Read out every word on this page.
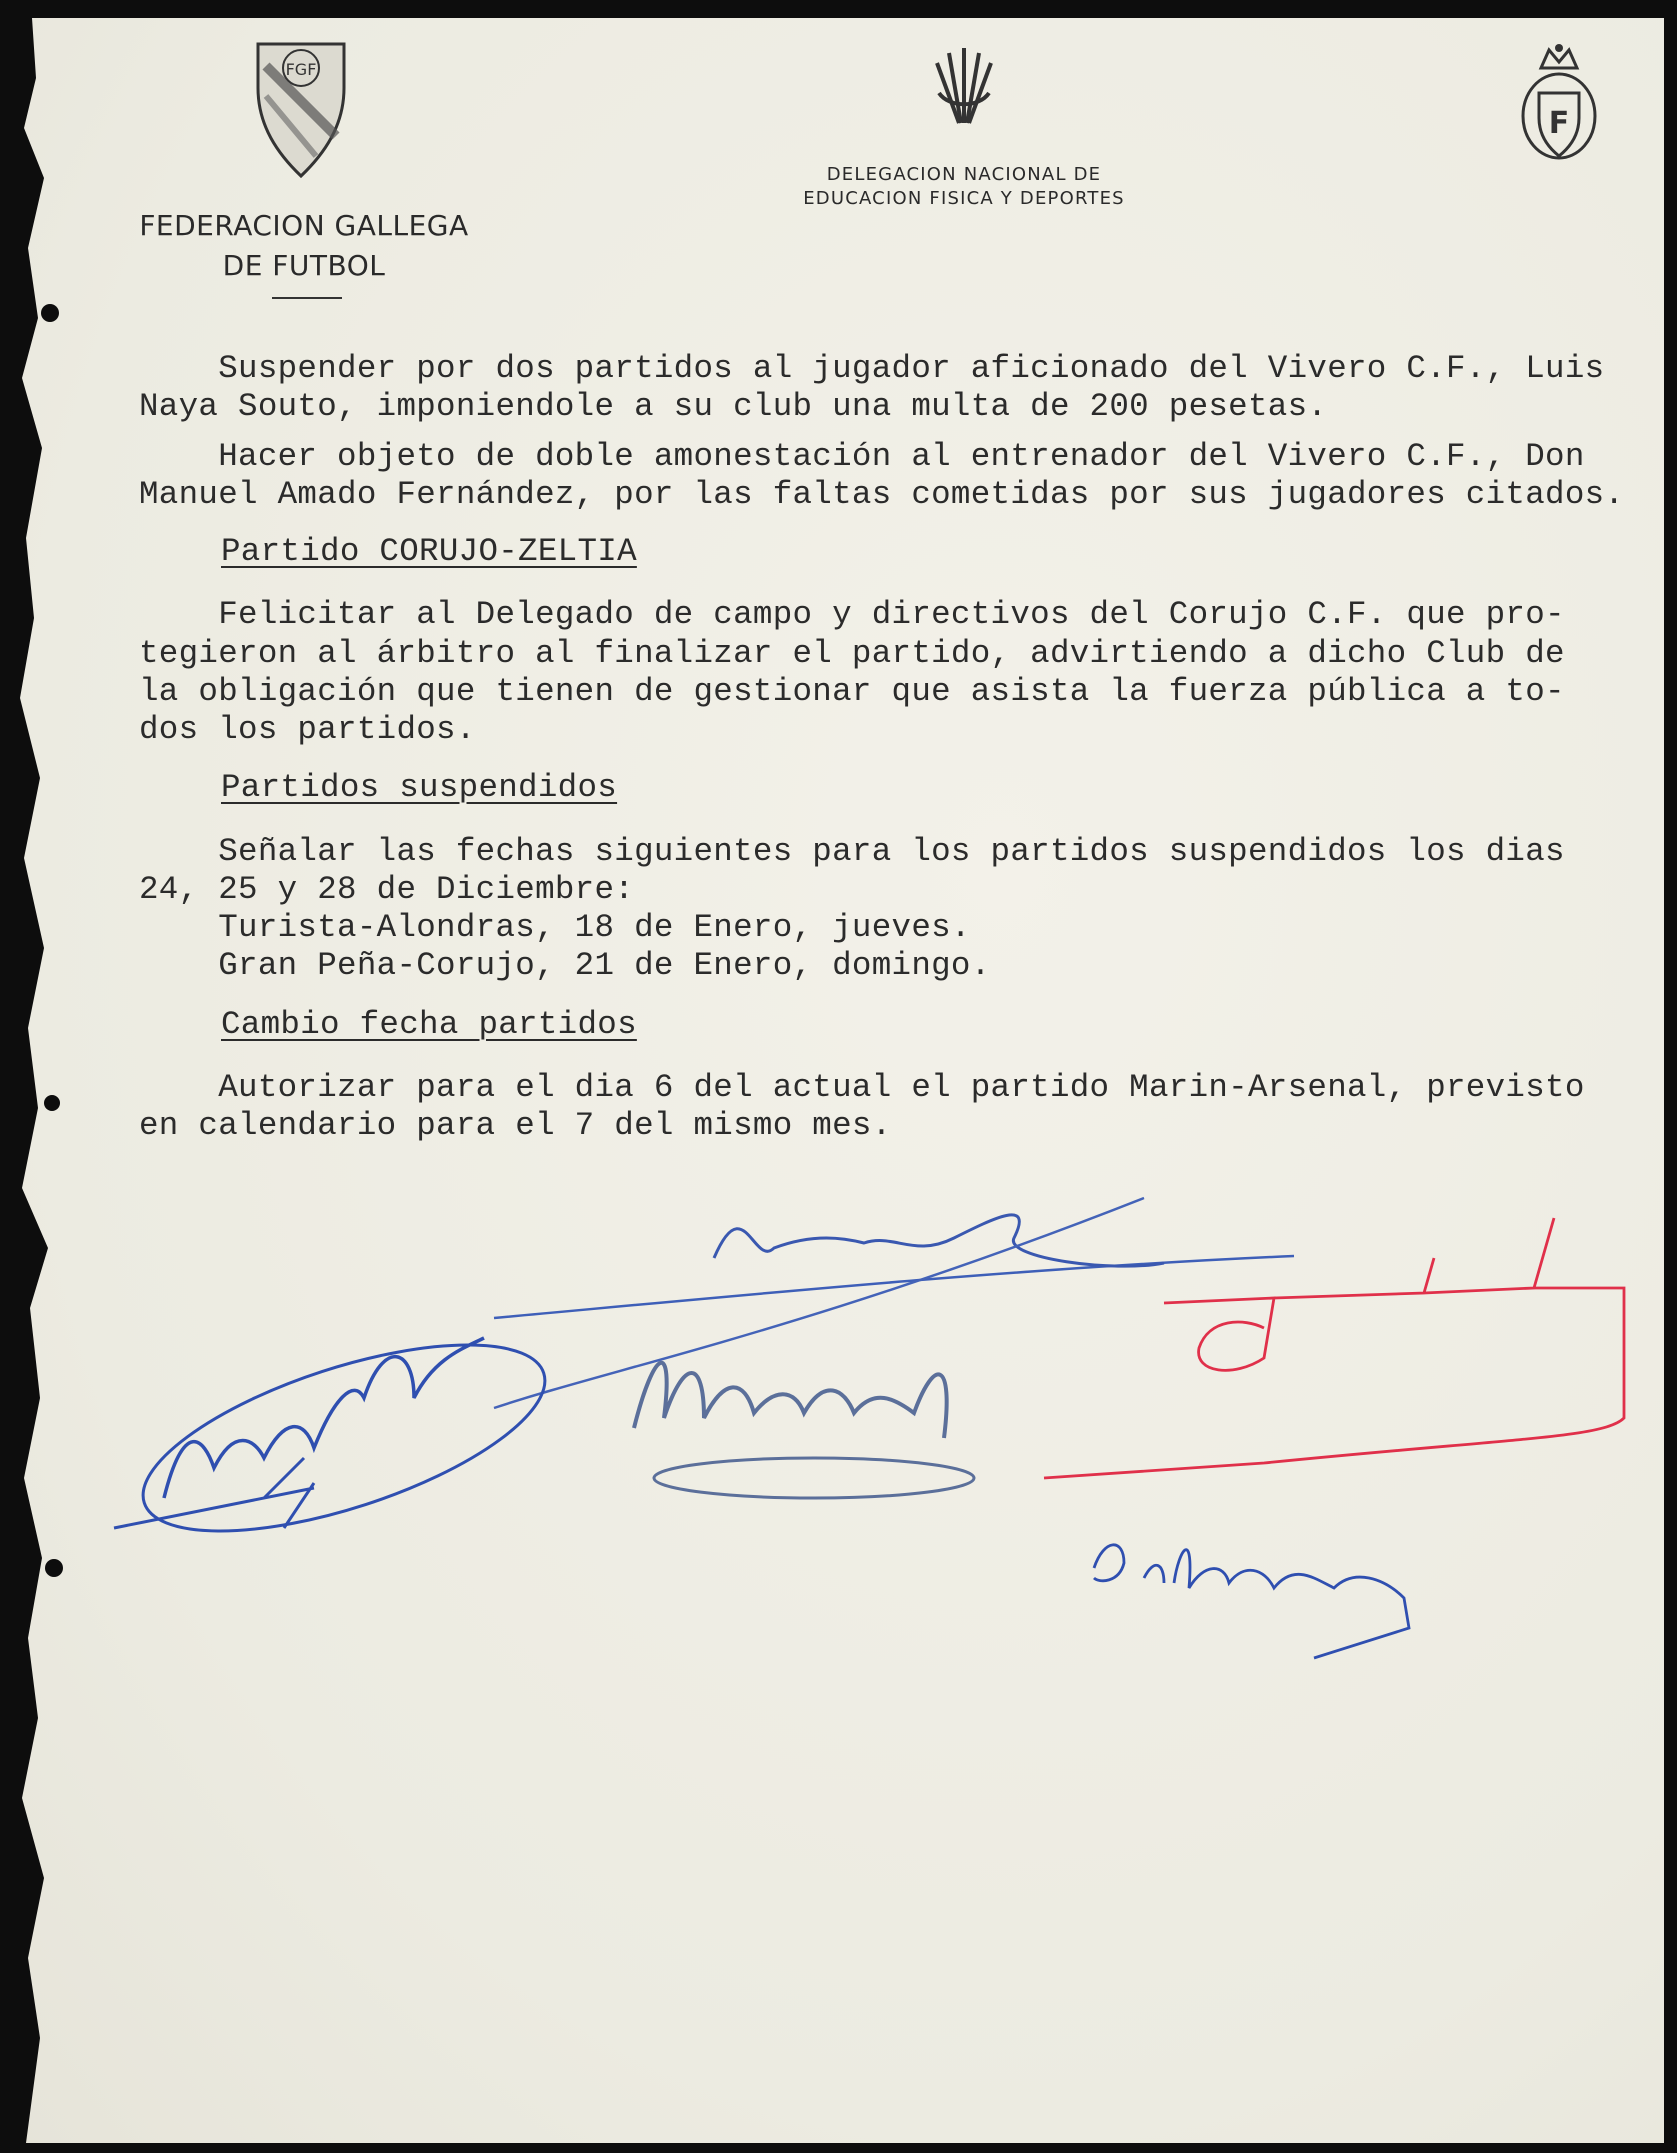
FGF
F
FEDERACION GALLEGA
DE FUTBOL
DELEGACION NACIONAL DE
EDUCACION FISICA Y DEPORTES
Suspender por dos partidos al jugador aficionado del Vivero C.F., Luis
Naya Souto, imponiendole a su club una multa de 200 pesetas.
Hacer objeto de doble amonestación al entrenador del Vivero C.F., Don
Manuel Amado Fernández, por las faltas cometidas por sus jugadores citados.
Partido CORUJO-ZELTIA
Felicitar al Delegado de campo y directivos del Corujo C.F. que pro-
tegieron al árbitro al finalizar el partido, advirtiendo a dicho Club de
la obligación que tienen de gestionar que asista la fuerza pública a to-
dos los partidos.
Partidos suspendidos
Señalar las fechas siguientes para los partidos suspendidos los dias
24, 25 y 28 de Diciembre:
Turista-Alondras, 18 de Enero, jueves.
Gran Peña-Corujo, 21 de Enero, domingo.
Cambio fecha partidos
Autorizar para el dia 6 del actual el partido Marin-Arsenal, previsto
en calendario para el 7 del mismo mes.
